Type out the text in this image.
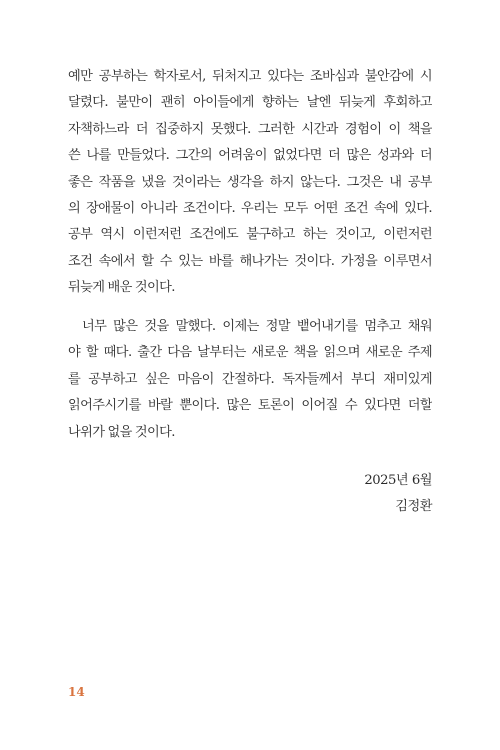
예만 공부하는 학자로서, 뒤처지고 있다는 조바심과 불안감에 시
달렸다. 불만이 괜히 아이들에게 향하는 날엔 뒤늦게 후회하고
자책하느라 더 집중하지 못했다. 그러한 시간과 경험이 이 책을
쓴 나를 만들었다. 그간의 어려움이 없었다면 더 많은 성과와 더
좋은 작품을 냈을 것이라는 생각을 하지 않는다. 그것은 내 공부
의 장애물이 아니라 조건이다. 우리는 모두 어떤 조건 속에 있다.
공부 역시 이런저런 조건에도 불구하고 하는 것이고, 이런저런
조건 속에서 할 수 있는 바를 해나가는 것이다. 가정을 이루면서
뒤늦게 배운 것이다.
너무 많은 것을 말했다. 이제는 정말 뱉어내기를 멈추고 채워
야 할 때다. 출간 다음 날부터는 새로운 책을 읽으며 새로운 주제
를 공부하고 싶은 마음이 간절하다. 독자들께서 부디 재미있게
읽어주시기를 바랄 뿐이다. 많은 토론이 이어질 수 있다면 더할
나위가 없을 것이다.
2025년 6월
김정환
14
